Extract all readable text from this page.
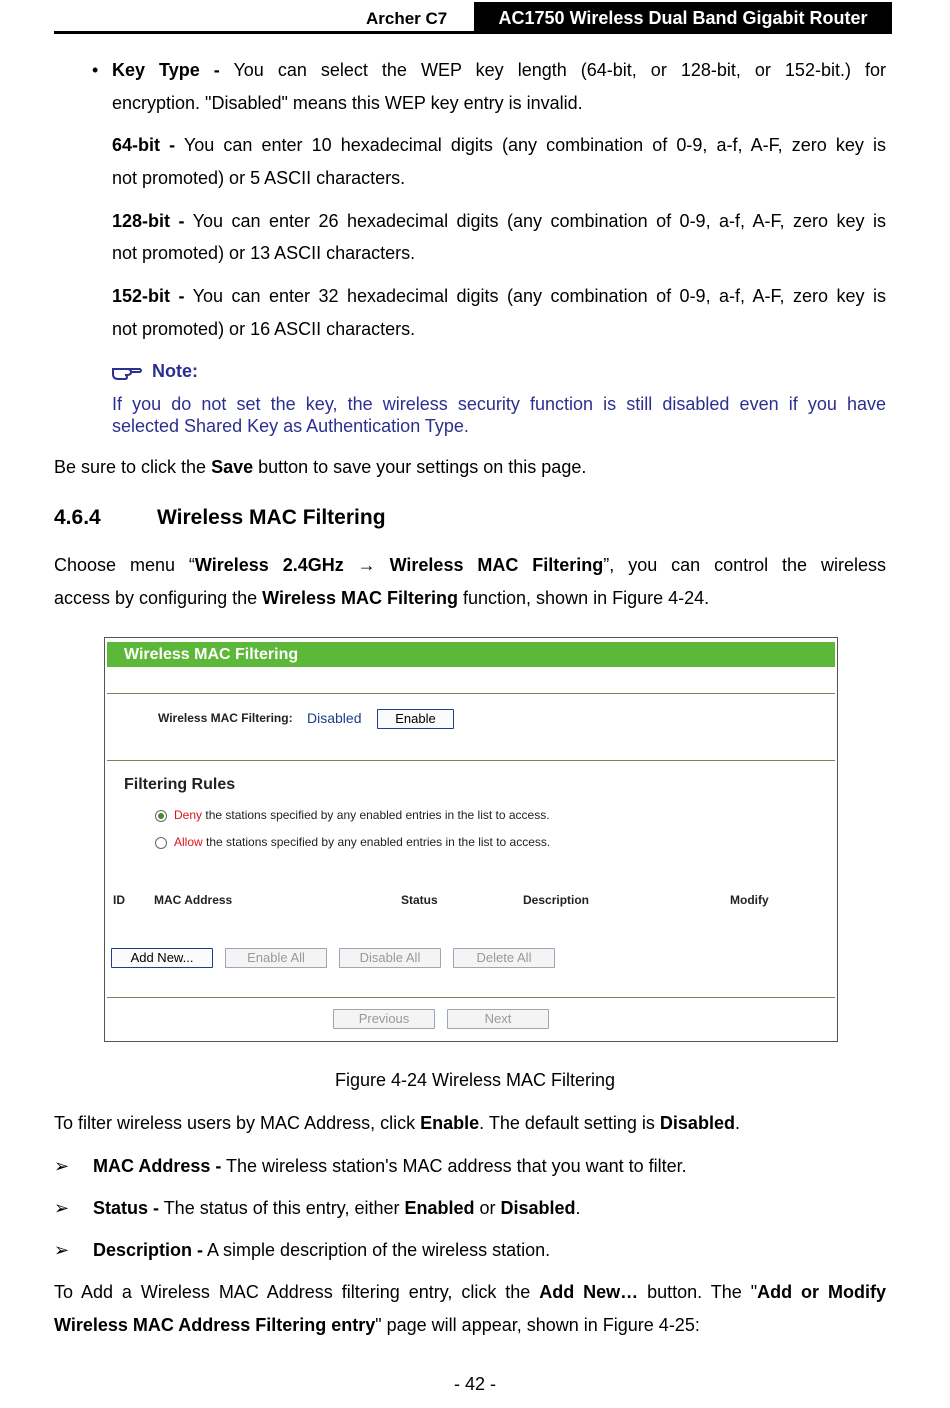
Archer C7	AC1750 Wireless Dual Band Gigabit Router
• Key Type - You can select the WEP key length (64-bit, or 128-bit, or 152-bit.) for
encryption. "Disabled" means this WEP key entry is invalid.
64-bit - You can enter 10 hexadecimal digits (any combination of 0-9, a-f, A-F, zero key is
not promoted) or 5 ASCII characters.
128-bit - You can enter 26 hexadecimal digits (any combination of 0-9, a-f, A-F, zero key is
not promoted) or 13 ASCII characters.
152-bit - You can enter 32 hexadecimal digits (any combination of 0-9, a-f, A-F, zero key is
not promoted) or 16 ASCII characters.
Note:
If you do not set the key, the wireless security function is still disabled even if you have
selected Shared Key as Authentication Type.
Be sure to click the Save button to save your settings on this page.
4.6.4	Wireless MAC Filtering
Choose menu “Wireless 2.4GHz → Wireless MAC Filtering”, you can control the wireless
access by configuring the Wireless MAC Filtering function, shown in Figure 4-24.
Wireless MAC Filtering
Wireless MAC Filtering: Disabled	Enable
Filtering Rules
Deny the stations specified by any enabled entries in the list to access.
Allow the stations specified by any enabled entries in the list to access.
ID MAC Address	Status	Description	Modify
Add New...	Enable All	Disable All	Delete All
Previous	Next
Figure 4-24 Wireless MAC Filtering
To filter wireless users by MAC Address, click Enable. The default setting is Disabled.
➢ MAC Address - The wireless station's MAC address that you want to filter.
➢ Status - The status of this entry, either Enabled or Disabled.
➢ Description - A simple description of the wireless station.
To Add a Wireless MAC Address filtering entry, click the Add New… button. The "Add or Modify
Wireless MAC Address Filtering entry" page will appear, shown in Figure 4-25:
- 42 -
